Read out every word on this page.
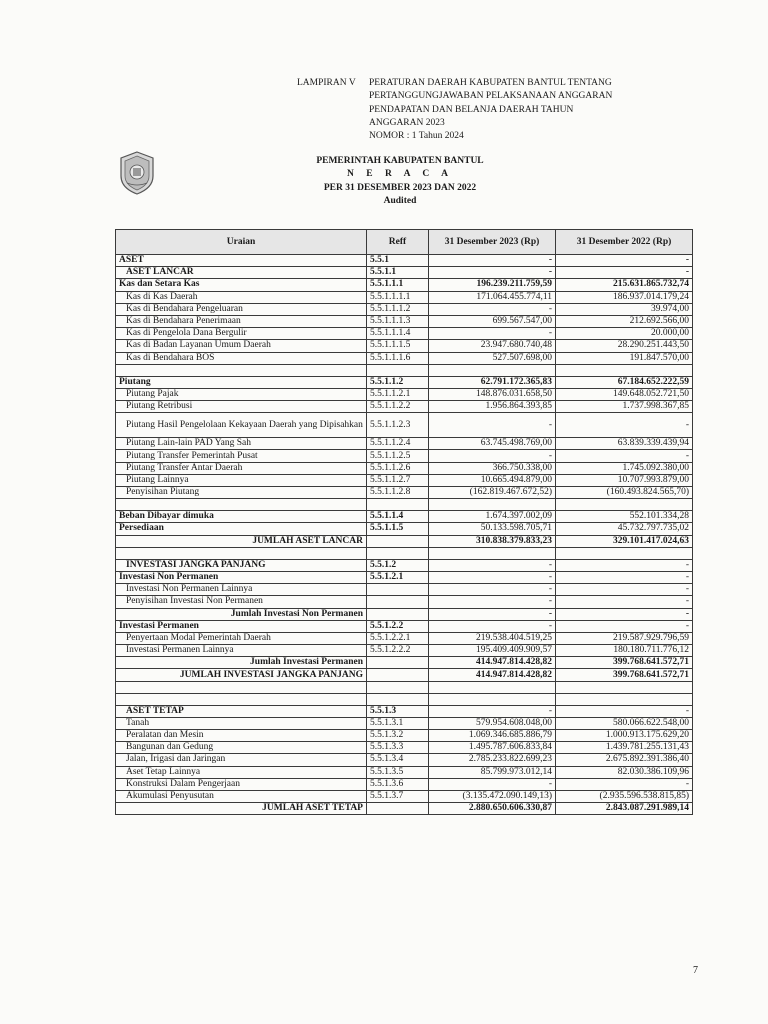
LAMPIRAN V	PERATURAN DAERAH KABUPATEN BANTUL TENTANG
PERTANGGUNGJAWABAN PELAKSANAAN ANGGARAN
PENDAPATAN DAN BELANJA DAERAH TAHUN
ANGGARAN 2023
NOMOR : 1 Tahun 2024
PEMERINTAH KABUPATEN BANTUL
N E R A C A
PER 31 DESEMBER 2023 DAN 2022
Audited
Uraian	Reff	31 Desember 2023 (Rp)	31 Desember 2022 (Rp)
ASET	5.5.1	-	-
ASET LANCAR	5.5.1.1	-	-
Kas dan Setara Kas	5.5.1.1.1	196.239.211.759,59	215.631.865.732,74
Kas di Kas Daerah	5.5.1.1.1.1	171.064.455.774,11	186.937.014.179,24
Kas di Bendahara Pengeluaran	5.5.1.1.1.2	-	39.974,00
Kas di Bendahara Penerimaan	5.5.1.1.1.3	699.567.547,00	212.692.566,00
Kas di Pengelola Dana Bergulir	5.5.1.1.1.4	-	20.000,00
Kas di Badan Layanan Umum Daerah	5.5.1.1.1.5	23.947.680.740,48	28.290.251.443,50
Kas di Bendahara BOS	5.5.1.1.1.6	527.507.698,00	191.847.570,00

Piutang	5.5.1.1.2	62.791.172.365,83	67.184.652.222,59
Piutang Pajak	5.5.1.1.2.1	148.876.031.658,50	149.648.052.721,50
Piutang Retribusi	5.5.1.1.2.2	1.956.864.393,85	1.737.998.367,85
Piutang Hasil Pengelolaan Kekayaan Daerah yang Dipisahkan	5.5.1.1.2.3	-	-
Piutang Lain-lain PAD Yang Sah	5.5.1.1.2.4	63.745.498.769,00	63.839.339.439,94
Piutang Transfer Pemerintah Pusat	5.5.1.1.2.5	-	-
Piutang Transfer Antar Daerah	5.5.1.1.2.6	366.750.338,00	1.745.092.380,00
Piutang Lainnya	5.5.1.1.2.7	10.665.494.879,00	10.707.993.879,00
Penyisihan Piutang	5.5.1.1.2.8	(162.819.467.672,52)	(160.493.824.565,70)

Beban Dibayar dimuka	5.5.1.1.4	1.674.397.002,09	552.101.334,28
Persediaan	5.5.1.1.5	50.133.598.705,71	45.732.797.735,02
JUMLAH ASET LANCAR		310.838.379.833,23	329.101.417.024,63

INVESTASI JANGKA PANJANG	5.5.1.2	-	-
Investasi Non Permanen	5.5.1.2.1	-	-
Investasi Non Permanen Lainnya		-	-
Penyisihan Investasi Non Permanen		-	-
Jumlah Investasi Non Permanen		-	-
Investasi Permanen	5.5.1.2.2	-	-
Penyertaan Modal Pemerintah Daerah	5.5.1.2.2.1	219.538.404.519,25	219.587.929.796,59
Investasi Permanen Lainnya	5.5.1.2.2.2	195.409.409.909,57	180.180.711.776,12
Jumlah Investasi Permanen		414.947.814.428,82	399.768.641.572,71
JUMLAH INVESTASI JANGKA PANJANG		414.947.814.428,82	399.768.641.572,71

ASET TETAP	5.5.1.3	-	-
Tanah	5.5.1.3.1	579.954.608.048,00	580.066.622.548,00
Peralatan dan Mesin	5.5.1.3.2	1.069.346.685.886,79	1.000.913.175.629,20
Bangunan dan Gedung	5.5.1.3.3	1.495.787.606.833,84	1.439.781.255.131,43
Jalan, Irigasi dan Jaringan	5.5.1.3.4	2.785.233.822.699,23	2.675.892.391.386,40
Aset Tetap Lainnya	5.5.1.3.5	85.799.973.012,14	82.030.386.109,96
Konstruksi Dalam Pengerjaan	5.5.1.3.6	-	-
Akumulasi Penyusutan	5.5.1.3.7	(3.135.472.090.149,13)	(2.935.596.538.815,85)
JUMLAH ASET TETAP		2.880.650.606.330,87	2.843.087.291.989,14
7
